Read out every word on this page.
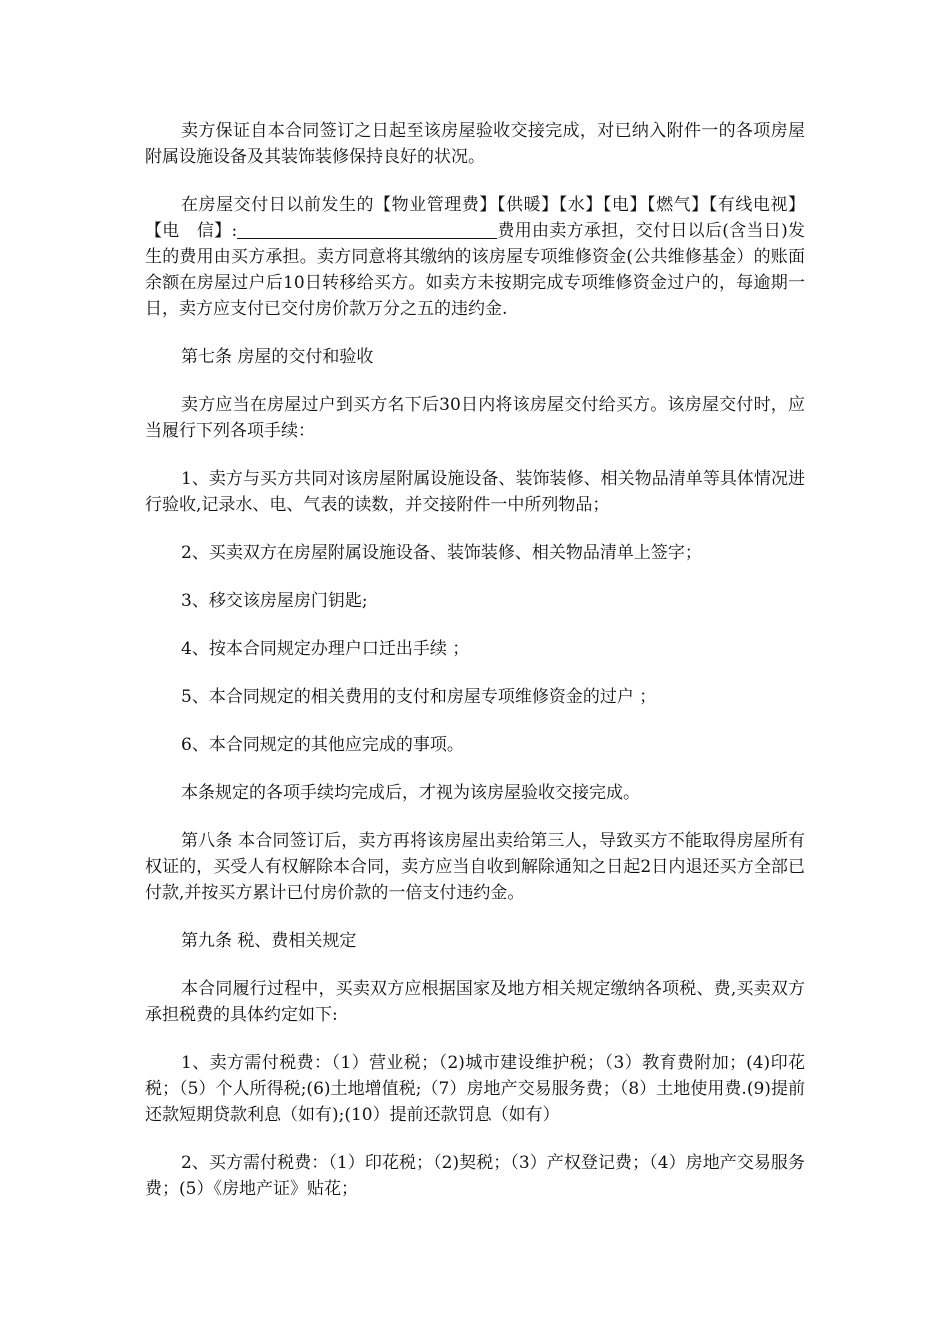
卖方保证自本合同签订之日起至该房屋验收交接完成，对已纳入附件一的各项房屋附属设施设备及其装饰装修保持良好的状况。

在房屋交付日以前发生的【物业管理费】【供暖】【水】【电】【燃气】【有线电视】【电　信】:	费用由卖方承担，交付日以后(含当日)发生的费用由买方承担。卖方同意将其缴纳的该房屋专项维修资金(公共维修基金）的账面余额在房屋过户后10日转移给买方。如卖方未按期完成专项维修资金过户的，每逾期一日，卖方应支付已交付房价款万分之五的违约金.

第七条 房屋的交付和验收

卖方应当在房屋过户到买方名下后30日内将该房屋交付给买方。该房屋交付时，应当履行下列各项手续：

1、卖方与买方共同对该房屋附属设施设备、装饰装修、相关物品清单等具体情况进行验收,记录水、电、气表的读数，并交接附件一中所列物品；

2、买卖双方在房屋附属设施设备、装饰装修、相关物品清单上签字；

3、移交该房屋房门钥匙;

4、按本合同规定办理户口迁出手续 ；

5、本合同规定的相关费用的支付和房屋专项维修资金的过户 ；

6、本合同规定的其他应完成的事项。

本条规定的各项手续均完成后，才视为该房屋验收交接完成。

第八条 本合同签订后，卖方再将该房屋出卖给第三人，导致买方不能取得房屋所有权证的，买受人有权解除本合同，卖方应当自收到解除通知之日起2日内退还买方全部已付款,并按买方累计已付房价款的一倍支付违约金。

第九条 税、费相关规定

本合同履行过程中，买卖双方应根据国家及地方相关规定缴纳各项税、费,买卖双方承担税费的具体约定如下:

1、卖方需付税费：（1）营业税；（2)城市建设维护税；（3）教育费附加；(4)印花税；（5）个人所得税;(6)土地增值税;（7）房地产交易服务费；（8）土地使用费.(9)提前还款短期贷款利息（如有);(10）提前还款罚息（如有）

2、买方需付税费：（1）印花税；（2)契税；（3）产权登记费；（4）房地产交易服务费；(5）《房地产证》贴花；
